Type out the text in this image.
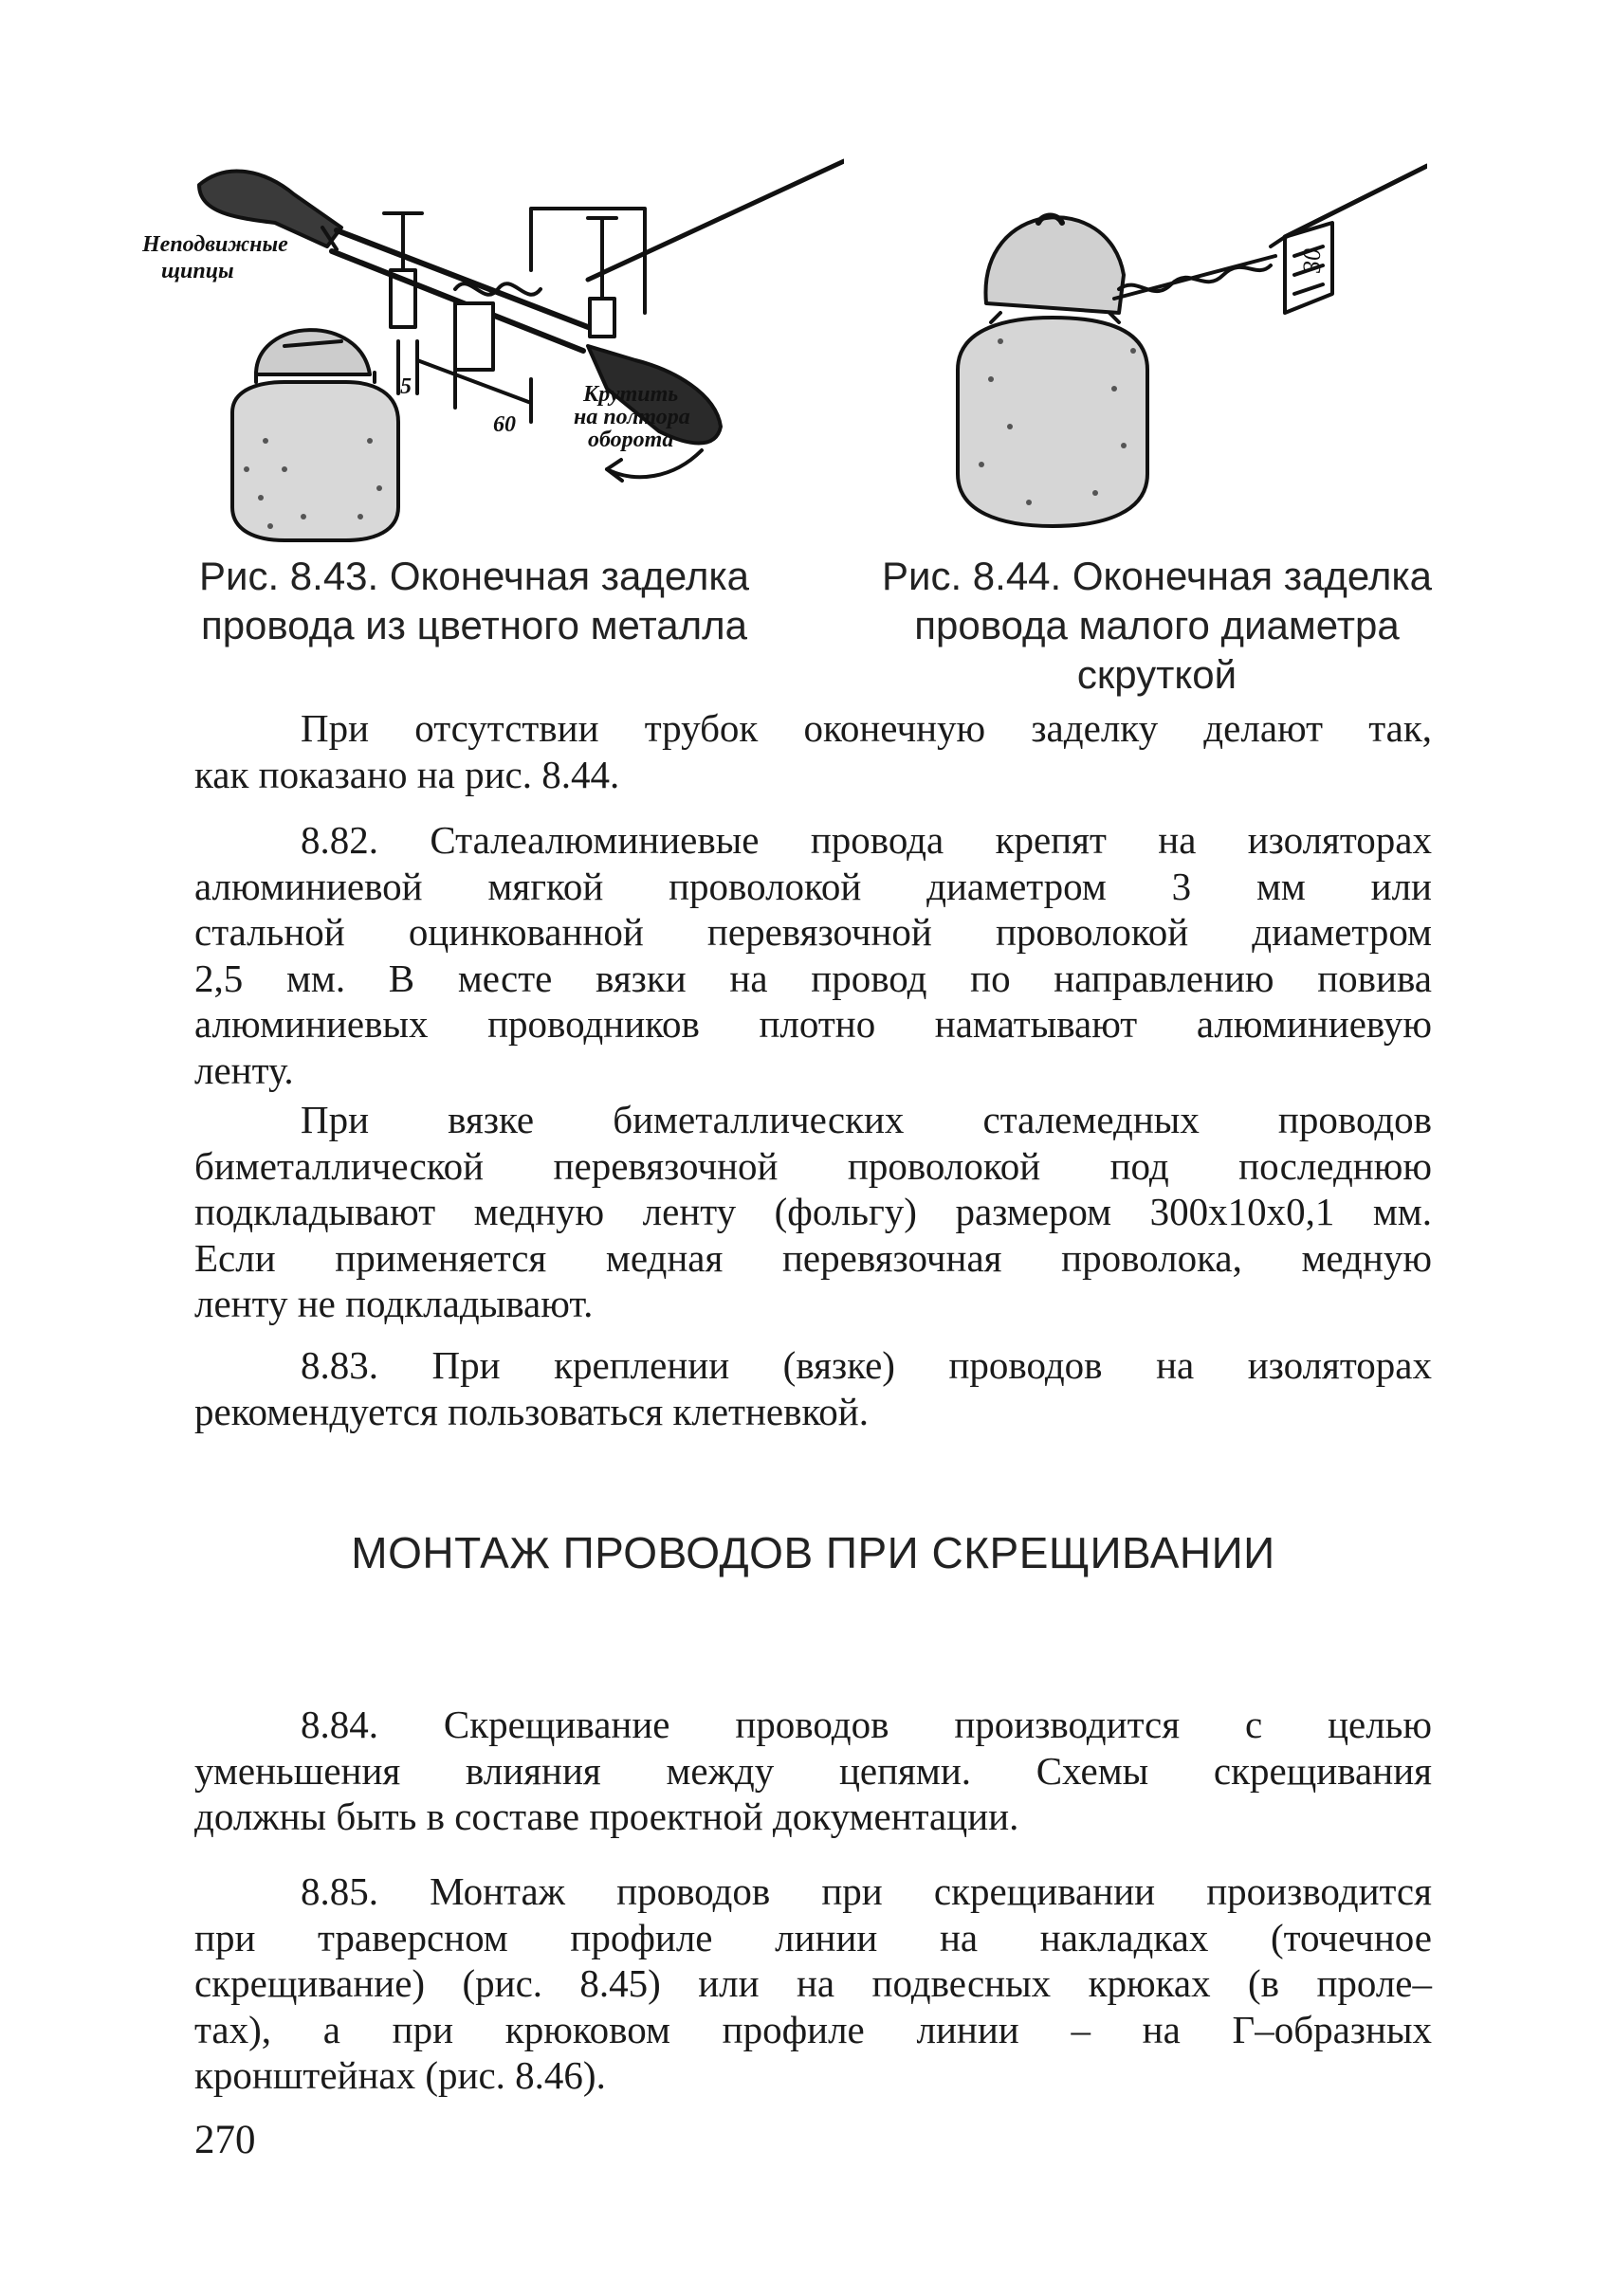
Неподвижные
щипцы
Крутить
на полтора
оборота
5
60
30
Рис. 8.43. Оконечная заделка
провода из цветного металла
Рис. 8.44. Оконечная заделка
провода малого диаметра
скруткой
При отсутствии трубок оконечную заделку делают так,
как показано на рис. 8.44.
8.82. Сталеалюминиевые провода крепят на изоляторах
алюминиевой мягкой проволокой диаметром 3 мм или
стальной оцинкованной перевязочной проволокой диаметром
2,5 мм. В месте вязки на провод по направлению повива
алюминиевых проводников плотно наматывают алюминиевую
ленту.
При вязке биметаллических сталемедных проводов
биметаллической перевязочной проволокой под последнюю
подкладывают медную ленту (фольгу) размером 300x10x0,1 мм.
Если применяется медная перевязочная проволока, медную
ленту не подкладывают.
8.83. При креплении (вязке) проводов на изоляторах
рекомендуется пользоваться клетневкой.
МОНТАЖ ПРОВОДОВ ПРИ СКРЕЩИВАНИИ
8.84. Скрещивание проводов производится с целью
уменьшения влияния между цепями. Схемы скрещивания
должны быть в составе проектной документации.
8.85. Монтаж проводов при скрещивании производится
при траверсном профиле линии на накладках (точечное
скрещивание) (рис. 8.45) или на подвесных крюках (в проле–
тах), а при крюковом профиле линии – на Г–образных
кронштейнах (рис. 8.46).
270
